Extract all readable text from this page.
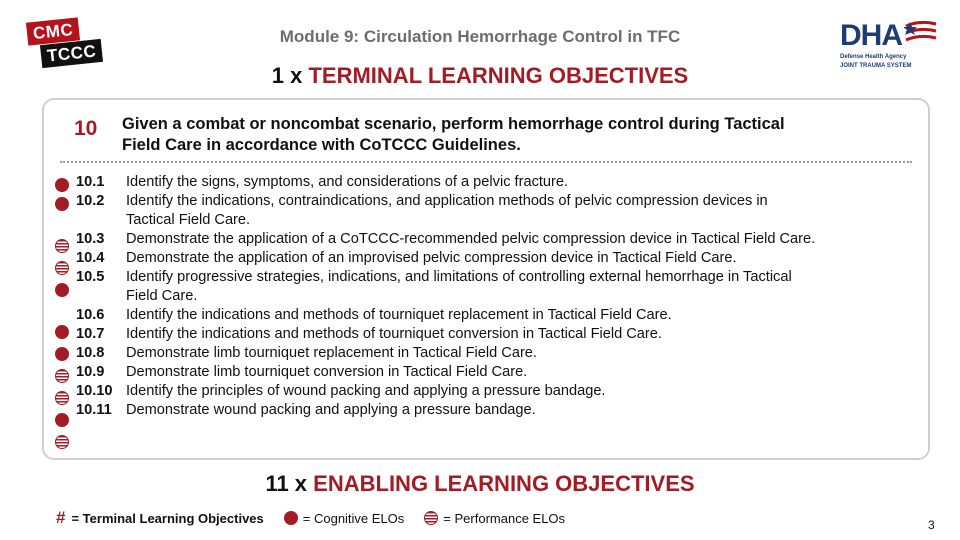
CMC
TCCC
Module 9: Circulation Hemorrhage Control in TFC	DHA
Defense Health Agency
JOINT TRAUMA SYSTEM
1 x TERMINAL LEARNING OBJECTIVES
10 Given a combat or noncombat scenario, perform hemorrhage control during Tactical Field Care in accordance with CoTCCC Guidelines.
10.1	Identify the signs, symptoms, and considerations of a pelvic fracture.
10.2	Identify the indications, contraindications, and application methods of pelvic compression devices in Tactical Field Care.
10.3	Demonstrate the application of a CoTCCC-recommended pelvic compression device in Tactical Field Care.
10.4	Demonstrate the application of an improvised pelvic compression device in Tactical Field Care.
10.5	Identify progressive strategies, indications, and limitations of controlling external hemorrhage in Tactical Field Care.
10.6	Identify the indications and methods of tourniquet replacement in Tactical Field Care.
10.7	Identify the indications and methods of tourniquet conversion in Tactical Field Care.
10.8	Demonstrate limb tourniquet replacement in Tactical Field Care.
10.9	Demonstrate limb tourniquet conversion in Tactical Field Care.
10.10 Identify the principles of wound packing and applying a pressure bandage.
10.11 Demonstrate wound packing and applying a pressure bandage.
11 x ENABLING LEARNING OBJECTIVES
# = Terminal Learning Objectives	= Cognitive ELOs	= Performance ELOs	3
